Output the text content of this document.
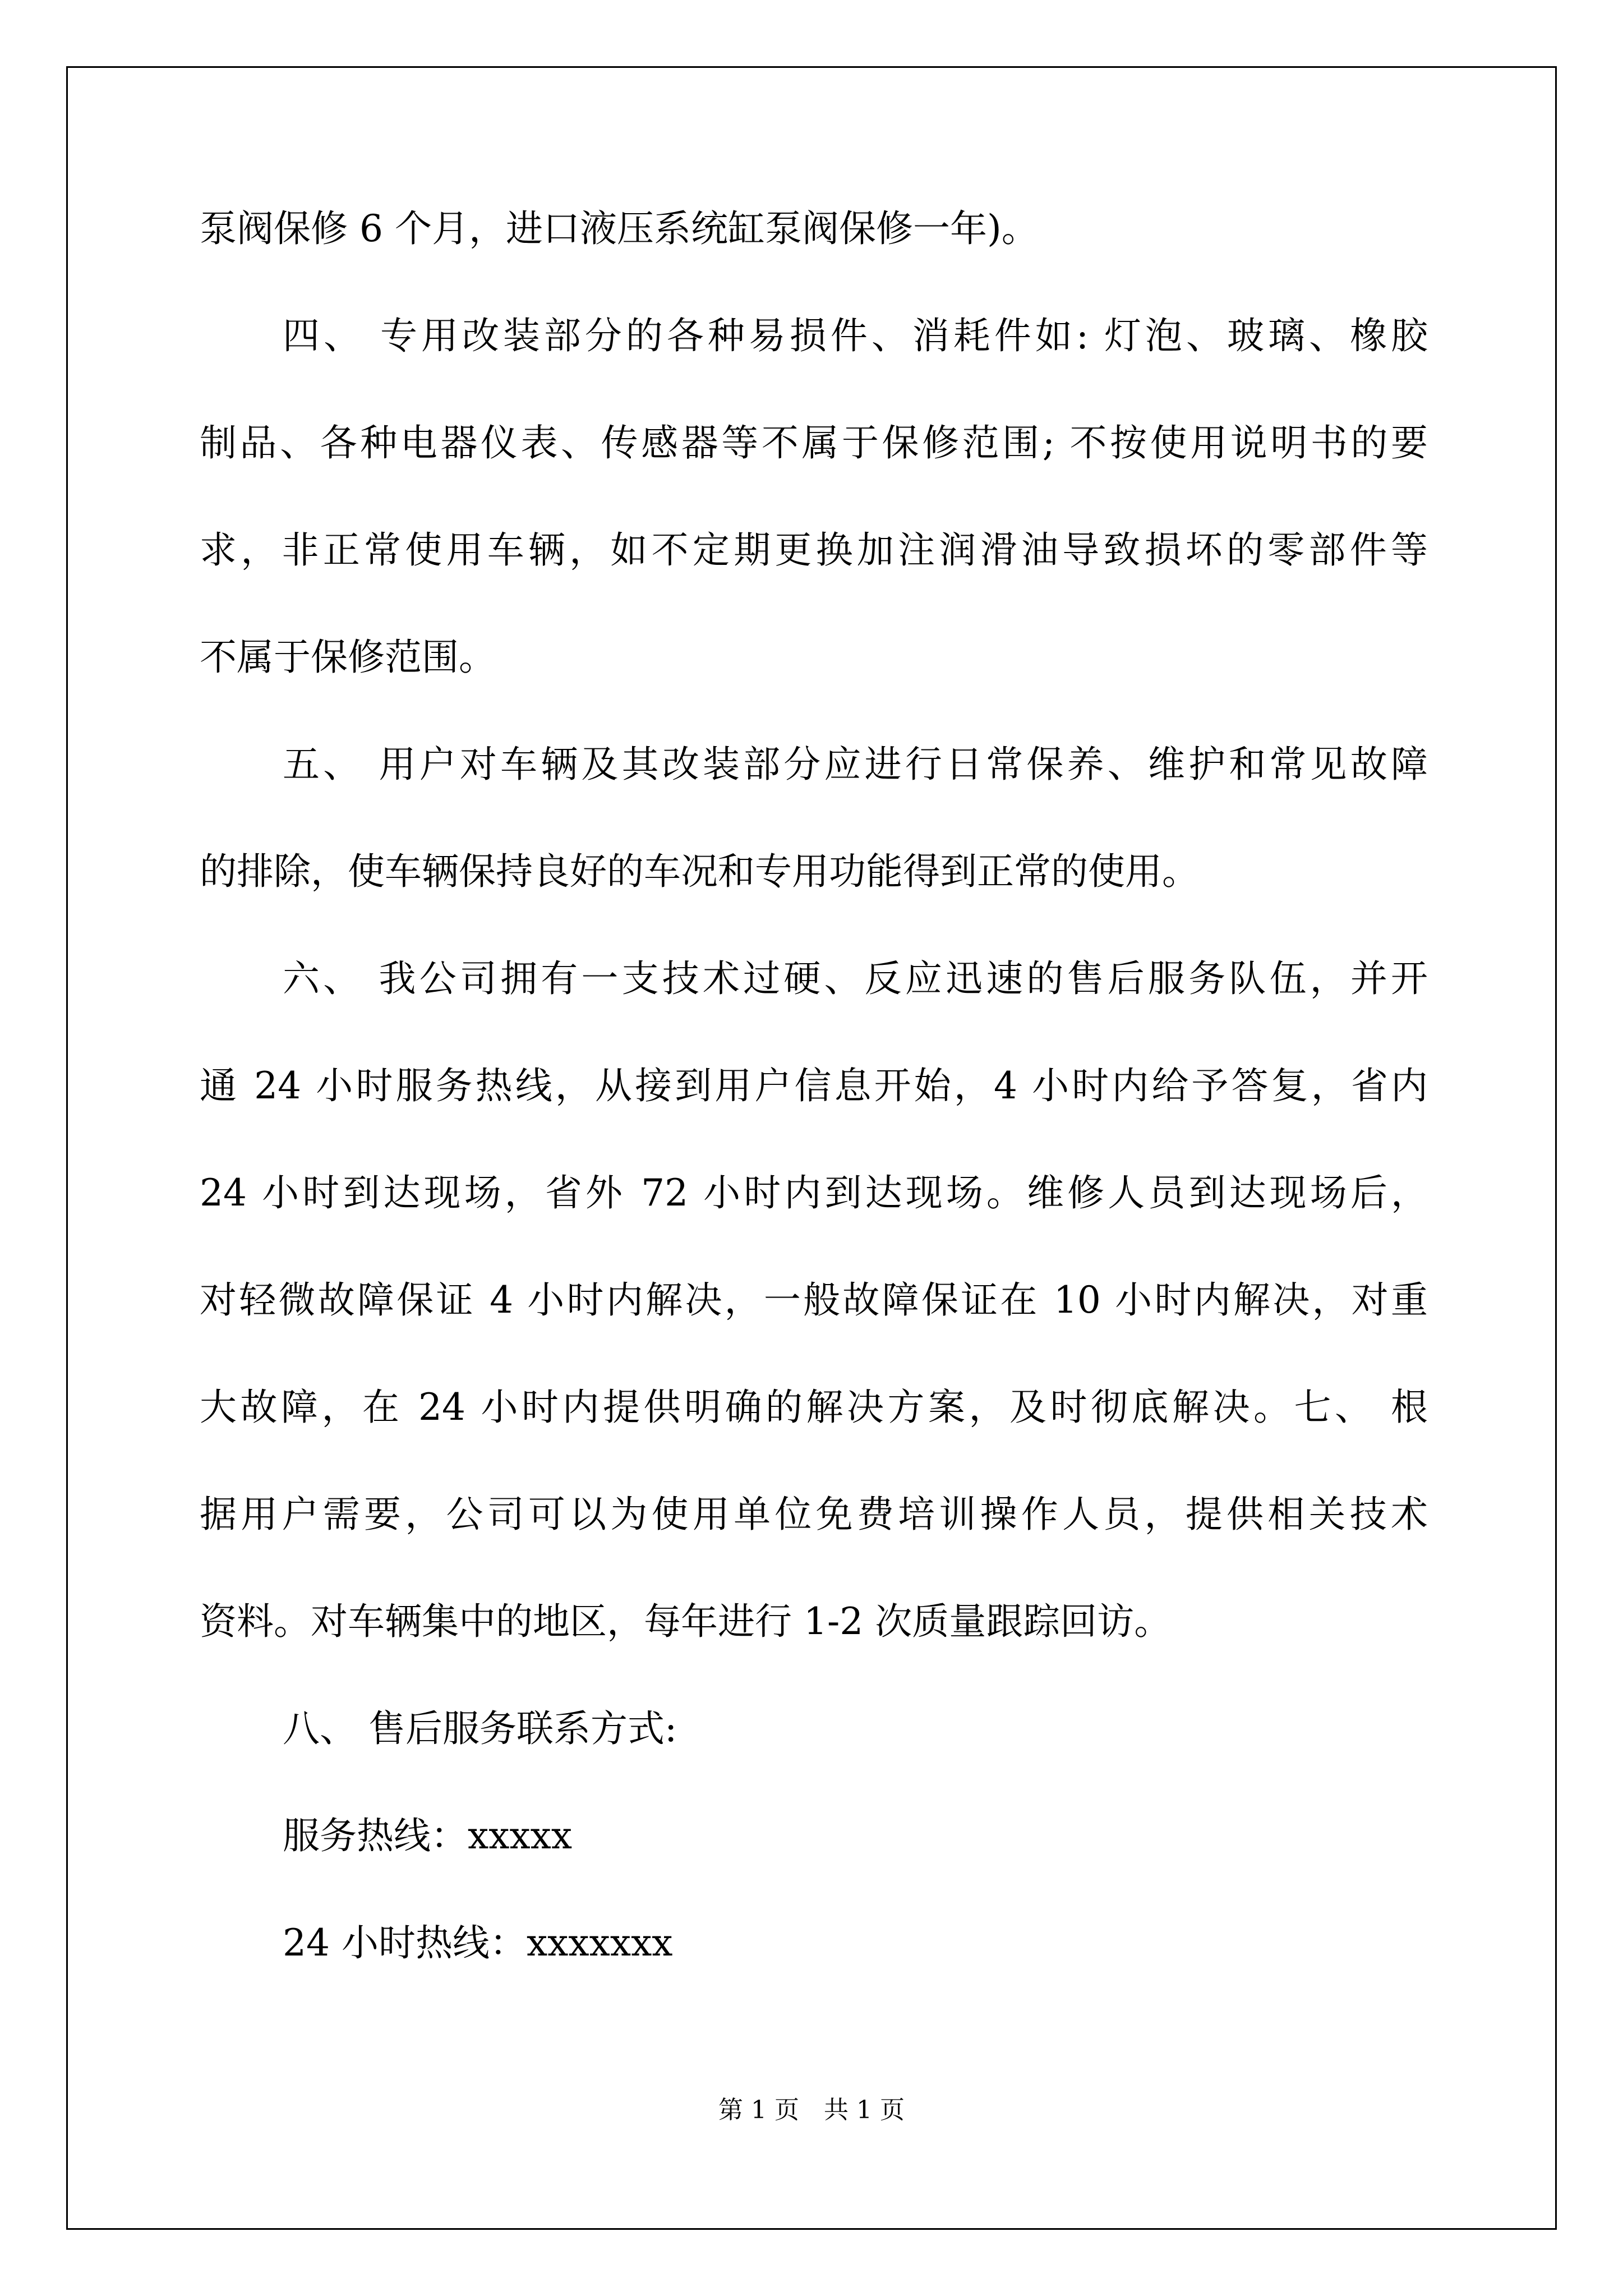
泵阀保修 6 个月，进口液压系统缸泵阀保修一年)。
四、 专用改装部分的各种易损件、消耗件如: 灯泡、玻璃、橡胶
制品、各种电器仪表、传感器等不属于保修范围; 不按使用说明书的要
求，非正常使用车辆，如不定期更换加注润滑油导致损坏的零部件等
不属于保修范围。
五、 用户对车辆及其改装部分应进行日常保养、维护和常见故障
的排除，使车辆保持良好的车况和专用功能得到正常的使用。
六、 我公司拥有一支技术过硬、反应迅速的售后服务队伍，并开
通 24 小时服务热线，从接到用户信息开始，4 小时内给予答复，省内
24 小时到达现场，省外 72 小时内到达现场。维修人员到达现场后，
对轻微故障保证 4 小时内解决，一般故障保证在 10 小时内解决，对重
大故障，在 24 小时内提供明确的解决方案，及时彻底解决。七、 根
据用户需要，公司可以为使用单位免费培训操作人员，提供相关技术
资料。对车辆集中的地区，每年进行 1-2 次质量跟踪回访。
八、 售后服务联系方式:
服务热线：xxxxx
24 小时热线：xxxxxxx
第 1 页　共 1 页
